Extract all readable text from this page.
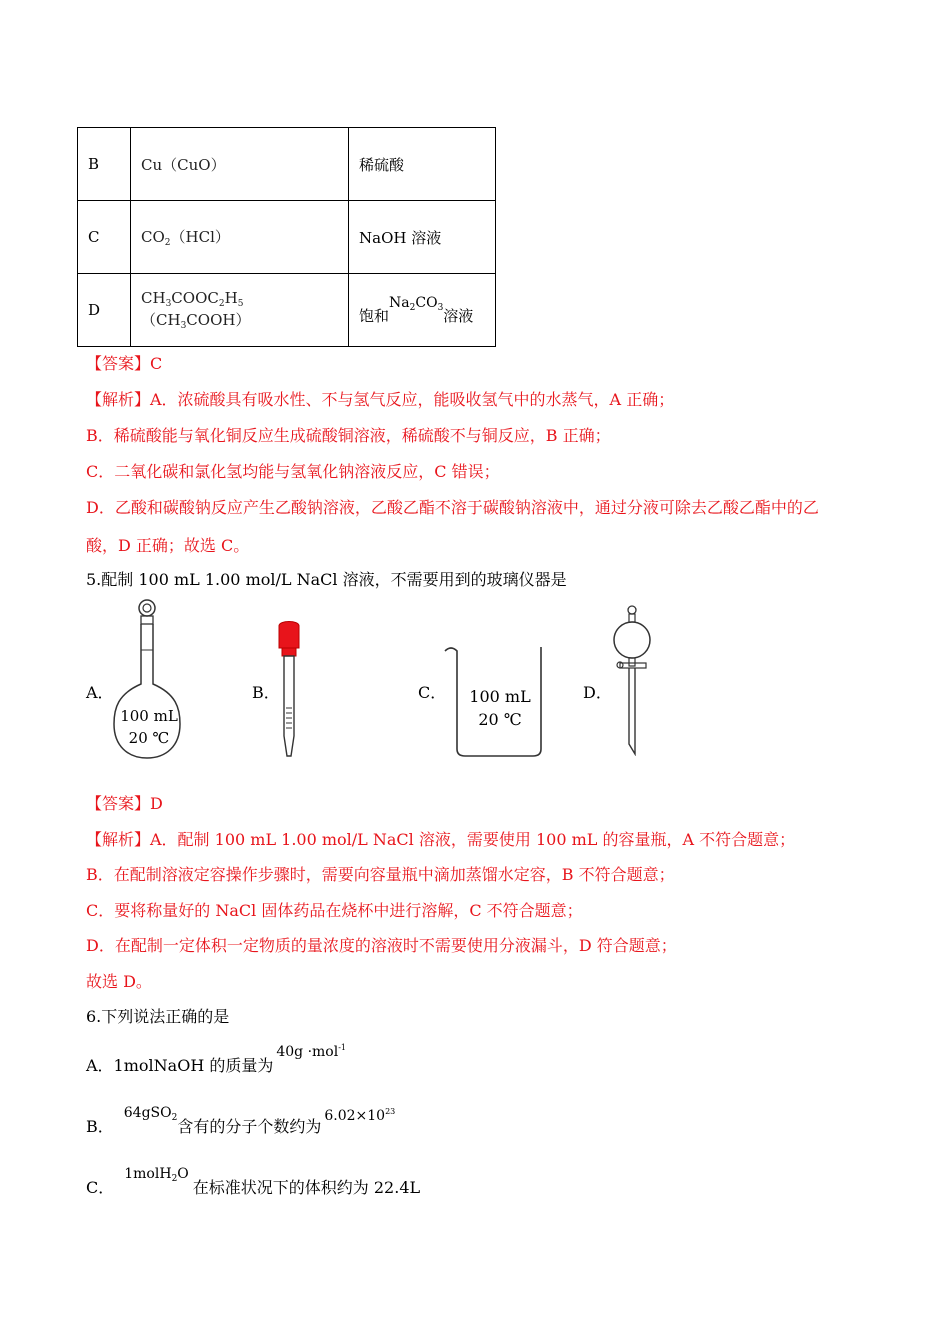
B	Cu（CuO）	稀硫酸
C	$CO_2(HCl)$	NaOH 溶液
D	$CH_3COOC_2H_5(CH_3COOH)$	饱和$^{Na_2CO_3}$溶液
【答案】C
【解析】A．浓硫酸具有吸水性、不与氢气反应，能吸收氢气中的水蒸气，A 正确；
B．稀硫酸能与氧化铜反应生成硫酸铜溶液，稀硫酸不与铜反应，B 正确；
C．二氧化碳和氯化氢均能与氢氧化钠溶液反应，C 错误；
D．乙酸和碳酸钠反应产生乙酸钠溶液，乙酸乙酯不溶于碳酸钠溶液中，通过分液可除去乙酸乙酯中的乙
酸，D 正确；故选 C。
5.配制 100 mL 1.00 mol/L NaCl 溶液，不需要用到的玻璃仪器是
A．	B．	C．	D．
100 mL
20 ℃
100 mL
20 ℃
【答案】D
【解析】A．配制 100 mL 1.00 mol/L NaCl 溶液，需要使用 100 mL 的容量瓶，A 不符合题意；
B．在配制溶液定容操作步骤时，需要向容量瓶中滴加蒸馏水定容，B 不符合题意；
C．要将称量好的 NaCl 固体药品在烧杯中进行溶解，C 不符合题意；
D．在配制一定体积一定物质的量浓度的溶液时不需要使用分液漏斗，D 符合题意；
故选 D。
6.下列说法正确的是
A．1molNaOH 的质量为40g ·mol$^{-1}$
B．64gSO$_2$含有的分子个数约为$6.02\times 10^{23}$
C．1molH$_2$O在标准状况下的体积约为 22.4L
